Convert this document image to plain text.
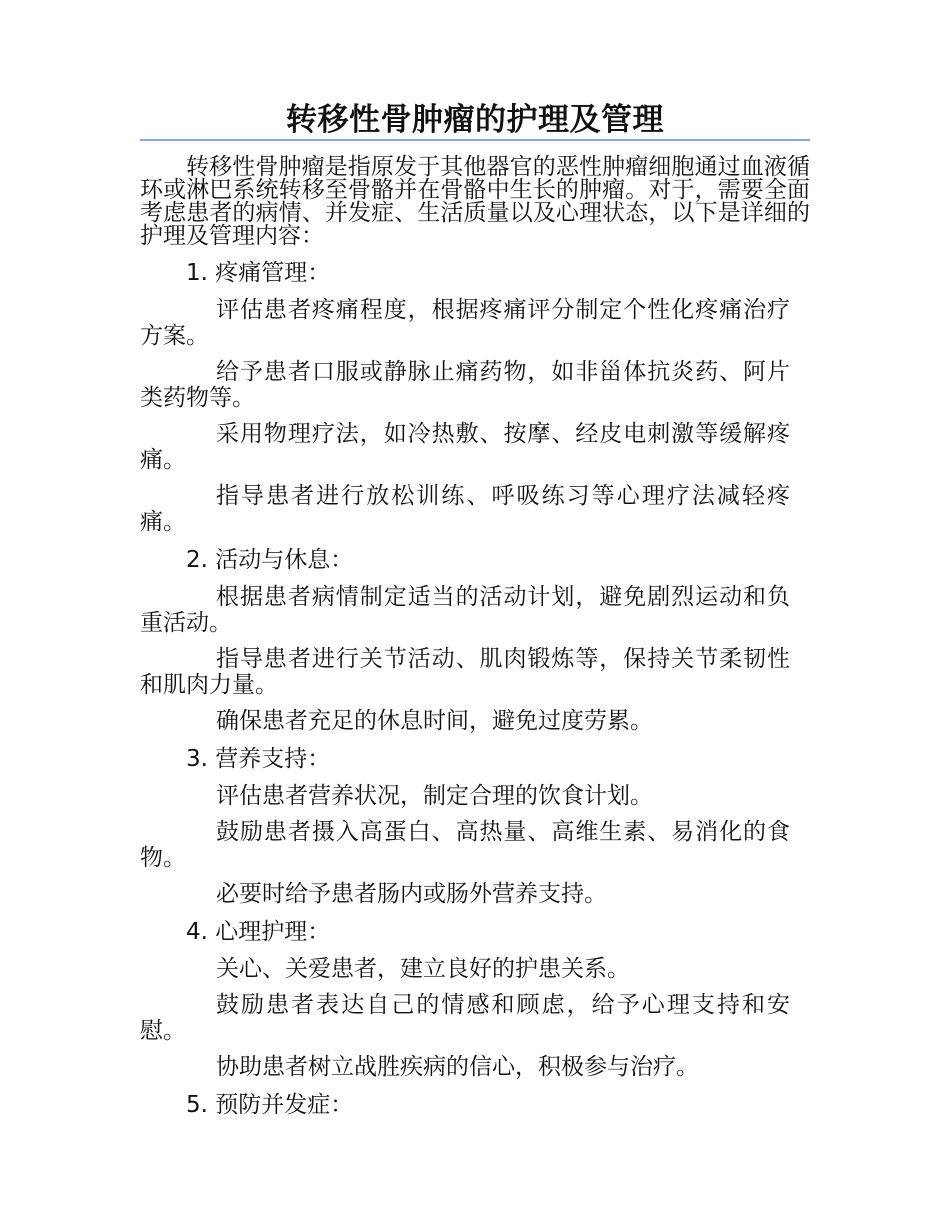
转移性骨肿瘤的护理及管理
转移性骨肿瘤是指原发于其他器官的恶性肿瘤细胞通过血液循环或淋巴系统转移至骨骼并在骨骼中生长的肿瘤。对于，需要全面考虑患者的病情、并发症、生活质量以及心理状态，以下是详细的护理及管理内容：
1. 疼痛管理：
评估患者疼痛程度，根据疼痛评分制定个性化疼痛治疗方案。
给予患者口服或静脉止痛药物，如非甾体抗炎药、阿片类药物等。
采用物理疗法，如冷热敷、按摩、经皮电刺激等缓解疼痛。
指导患者进行放松训练、呼吸练习等心理疗法减轻疼痛。
2. 活动与休息：
根据患者病情制定适当的活动计划，避免剧烈运动和负重活动。
指导患者进行关节活动、肌肉锻炼等，保持关节柔韧性和肌肉力量。
确保患者充足的休息时间，避免过度劳累。
3. 营养支持：
评估患者营养状况，制定合理的饮食计划。
鼓励患者摄入高蛋白、高热量、高维生素、易消化的食物。
必要时给予患者肠内或肠外营养支持。
4. 心理护理：
关心、关爱患者，建立良好的护患关系。
鼓励患者表达自己的情感和顾虑，给予心理支持和安慰。
协助患者树立战胜疾病的信心，积极参与治疗。
5. 预防并发症：
